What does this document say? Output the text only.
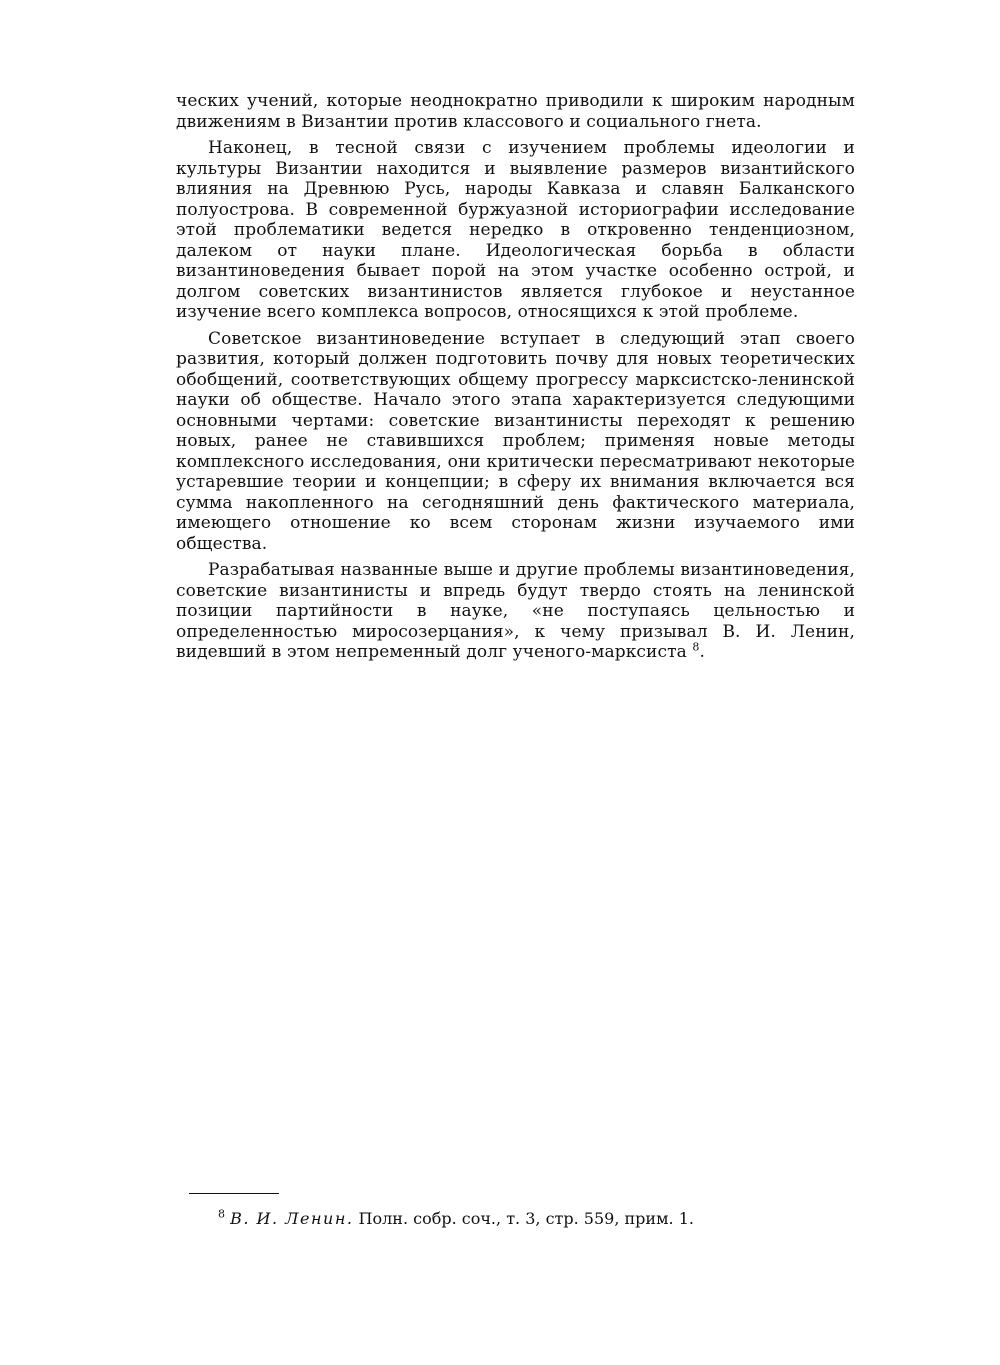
ческих учений, которые неоднократно приводили к широким народным движениям в Византии против классового и социального гнета.

Наконец, в тесной связи с изучением проблемы идеологии и культуры Византии находится и выявление размеров византийского влияния на Древнюю Русь, народы Кавказа и славян Балканского полуострова. В современной буржуазной историографии исследование этой проблематики ведется нередко в откровенно тенденциозном, далеком от науки плане. Идеологическая борьба в области византиноведения бывает порой на этом участке особенно острой, и долгом советских византинистов является глубокое и неустанное изучение всего комплекса вопросов, относящихся к этой проблеме.

Советское византиноведение вступает в следующий этап своего развития, который должен подготовить почву для новых теоретических обобщений, соответствующих общему прогрессу марксистско-ленинской науки об обществе. Начало этого этапа характеризуется следующими основными чертами: советские византинисты переходят к решению новых, ранее не ставившихся проблем; применяя новые методы комплексного исследования, они критически пересматривают некоторые устаревшие теории и концепции; в сферу их внимания включается вся сумма накопленного на сегодняшний день фактического материала, имеющего отношение ко всем сторонам жизни изучаемого ими общества.

Разрабатывая названные выше и другие проблемы византиноведения, советские византинисты и впредь будут твердо стоять на ленинской позиции партийности в науке, «не поступаясь цельностью и определенностью миросозерцания», к чему призывал В. И. Ленин, видевший в этом непременный долг ученого-марксиста $^8$.

$^8$ В. И. Ленин. Полн. собр. соч., т. 3, стр. 559, прим. 1.
